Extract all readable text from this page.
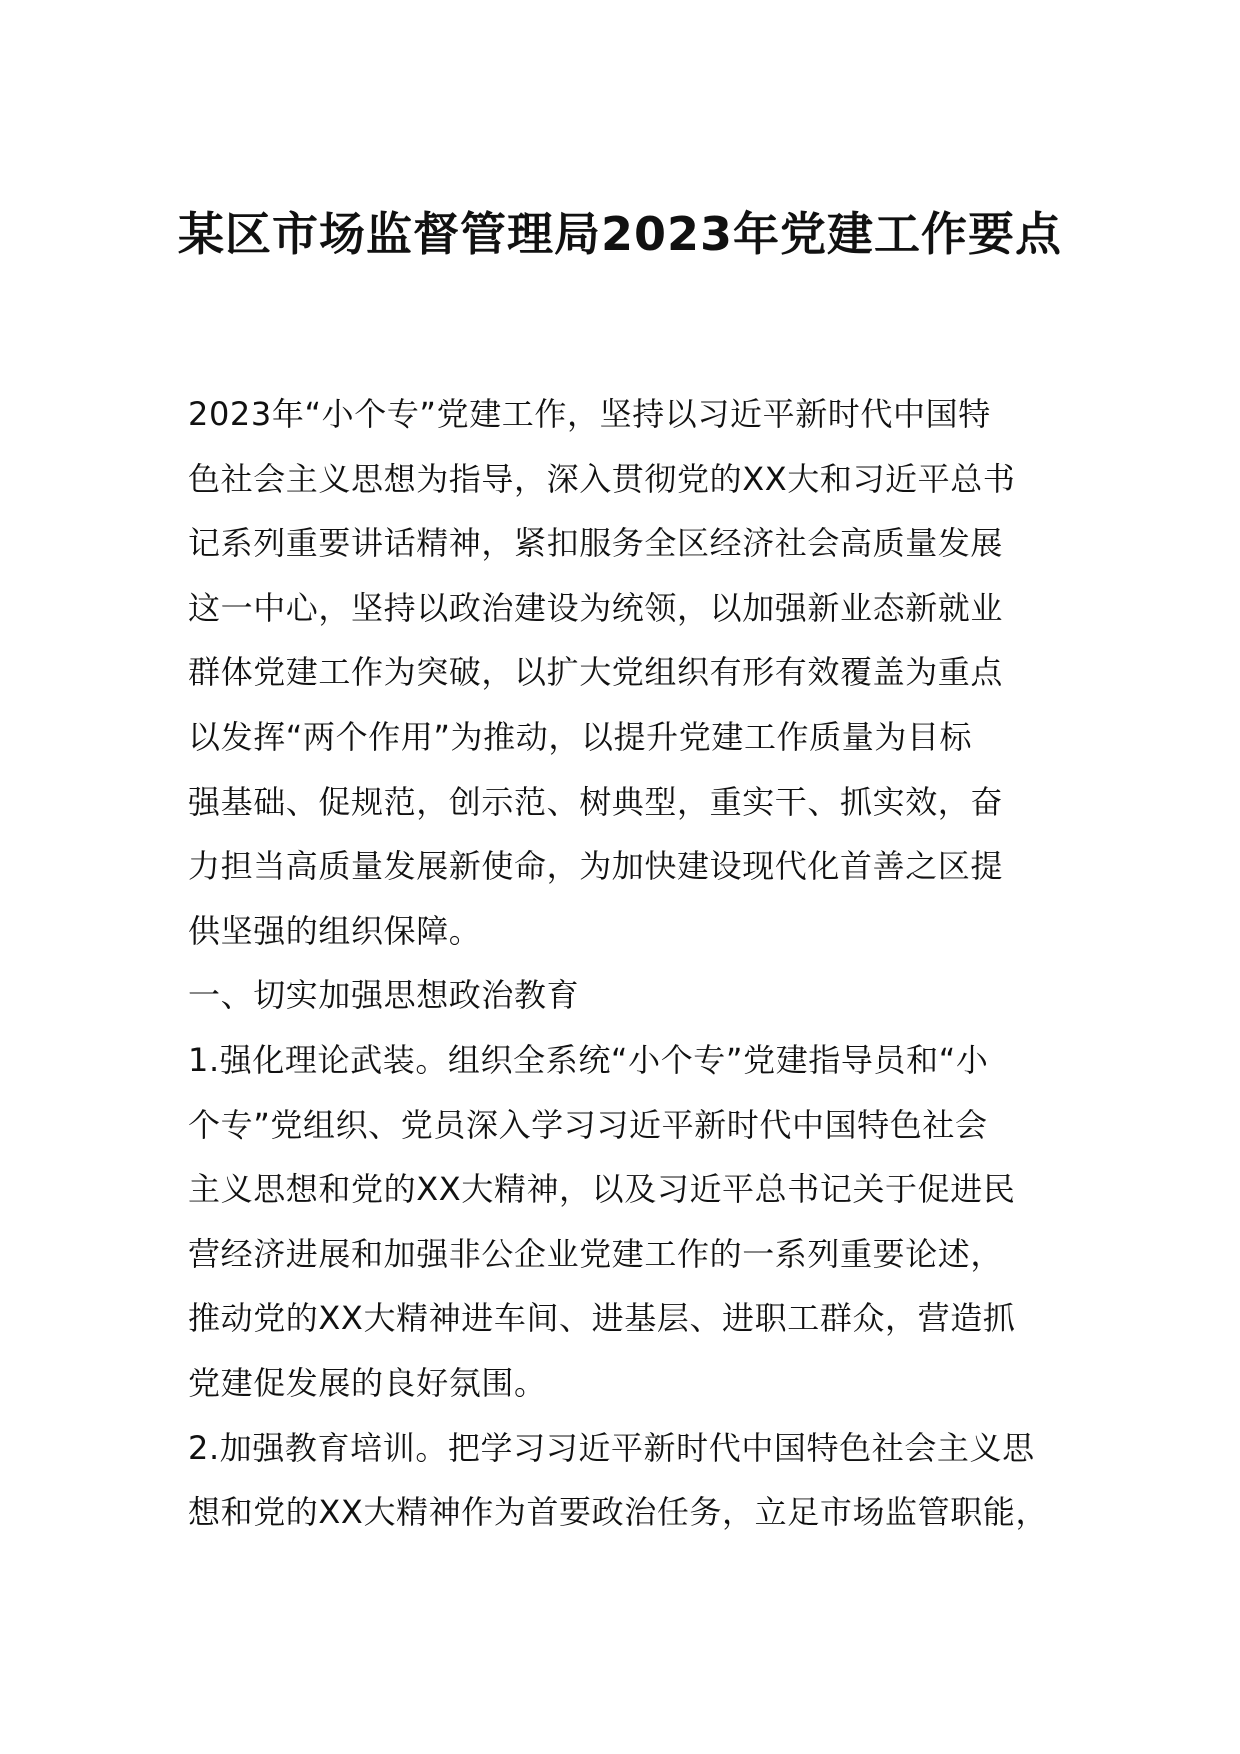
某区市场监督管理局2023年党建工作要点

2023年“小个专”党建工作，坚持以习近平新时代中国特

色社会主义思想为指导，深入贯彻党的XX大和习近平总书

记系列重要讲话精神，紧扣服务全区经济社会高质量发展

这一中心，坚持以政治建设为统领，以加强新业态新就业

群体党建工作为突破，以扩大党组织有形有效覆盖为重点

以发挥“两个作用”为推动，以提升党建工作质量为目标

强基础、促规范，创示范、树典型，重实干、抓实效，奋

力担当高质量发展新使命，为加快建设现代化首善之区提

供坚强的组织保障。

一、切实加强思想政治教育

1.强化理论武装。组织全系统“小个专”党建指导员和“小

个专”党组织、党员深入学习习近平新时代中国特色社会

主义思想和党的XX大精神，以及习近平总书记关于促进民

营经济进展和加强非公企业党建工作的一系列重要论述，

推动党的XX大精神进车间、进基层、进职工群众，营造抓

党建促发展的良好氛围。

2.加强教育培训。把学习习近平新时代中国特色社会主义思

想和党的XX大精神作为首要政治任务，立足市场监管职能，
